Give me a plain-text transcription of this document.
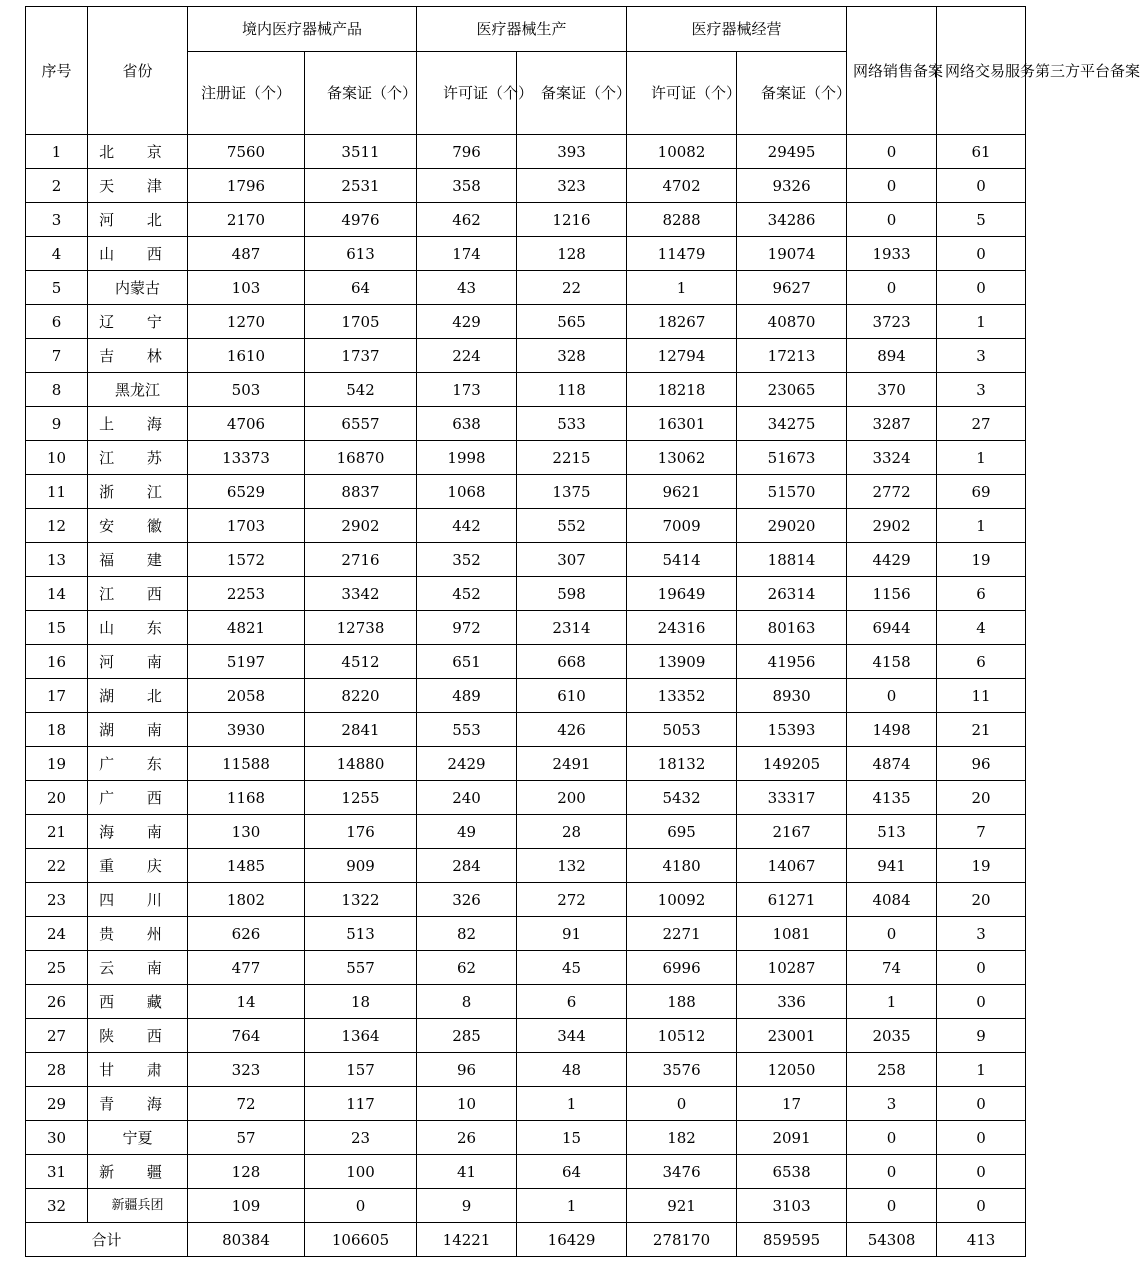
序号	省份	境内医疗器械产品		医疗器械生产		医疗器械经营		网络销售备案	网络交易服务第三方平台备案
		注册证（个）	备案证（个）	许可证（个）	备案证（个）	许可证（个）	备案证（个）		
1	北 京	7560	3511	796	393	10082	29495	0	61
2	天 津	1796	2531	358	323	4702	9326	0	0
3	河 北	2170	4976	462	1216	8288	34286	0	5
4	山 西	487	613	174	128	11479	19074	1933	0
5	内蒙古	103	64	43	22	1	9627	0	0
6	辽 宁	1270	1705	429	565	18267	40870	3723	1
7	吉 林	1610	1737	224	328	12794	17213	894	3
8	黑龙江	503	542	173	118	18218	23065	370	3
9	上 海	4706	6557	638	533	16301	34275	3287	27
10	江 苏	13373	16870	1998	2215	13062	51673	3324	1
11	浙 江	6529	8837	1068	1375	9621	51570	2772	69
12	安 徽	1703	2902	442	552	7009	29020	2902	1
13	福 建	1572	2716	352	307	5414	18814	4429	19
14	江 西	2253	3342	452	598	19649	26314	1156	6
15	山 东	4821	12738	972	2314	24316	80163	6944	4
16	河 南	5197	4512	651	668	13909	41956	4158	6
17	湖 北	2058	8220	489	610	13352	8930	0	11
18	湖 南	3930	2841	553	426	5053	15393	1498	21
19	广 东	11588	14880	2429	2491	18132	149205	4874	96
20	广 西	1168	1255	240	200	5432	33317	4135	20
21	海 南	130	176	49	28	695	2167	513	7
22	重 庆	1485	909	284	132	4180	14067	941	19
23	四 川	1802	1322	326	272	10092	61271	4084	20
24	贵 州	626	513	82	91	2271	1081	0	3
25	云 南	477	557	62	45	6996	10287	74	0
26	西 藏	14	18	8	6	188	336	1	0
27	陕 西	764	1364	285	344	10512	23001	2035	9
28	甘 肃	323	157	96	48	3576	12050	258	1
29	青 海	72	117	10	1	0	17	3	0
30	宁夏	57	23	26	15	182	2091	0	0
31	新 疆	128	100	41	64	3476	6538	0	0
32	新疆兵团	109	0	9	1	921	3103	0	0
合计		80384	106605	14221	16429	278170	859595	54308	413
